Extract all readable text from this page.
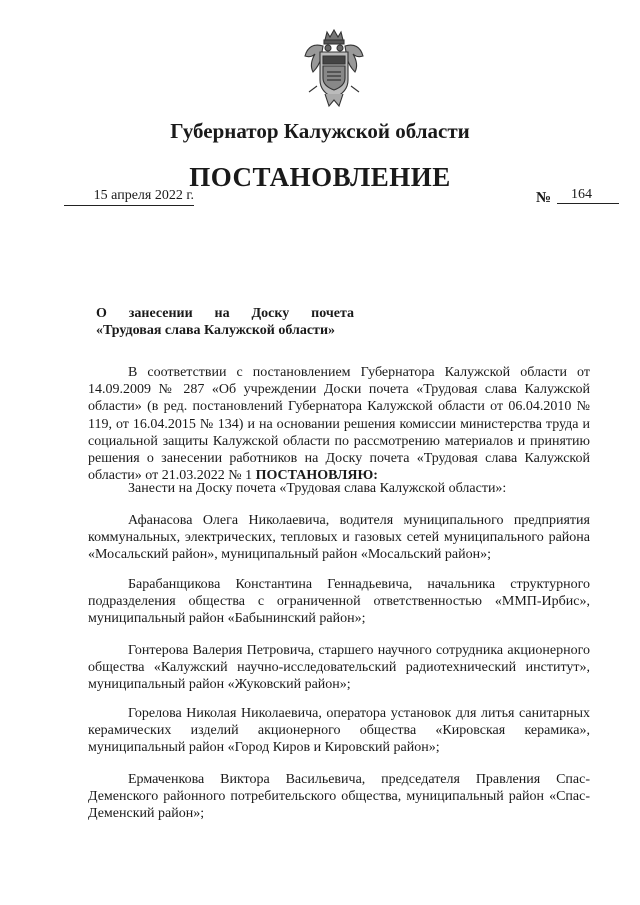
Губернатор Калужской области
ПОСТАНОВЛЕНИЕ
15 апреля 2022 г.	№	164
О занесении на Доску почета
«Трудовая слава Калужской области»

В соответствии с постановлением Губернатора Калужской области от 14.09.2009 № 287 «Об учреждении Доски почета «Трудовая слава Калужской области» (в ред. постановлений Губернатора Калужской области от 06.04.2010 № 119, от 16.04.2015 № 134) и на основании решения комиссии министерства труда и социальной защиты Калужской области по рассмотрению материалов и принятию решения о занесении работников на Доску почета «Трудовая слава Калужской области» от 21.03.2022 № 1 ПОСТАНОВЛЯЮ:

Занести на Доску почета «Трудовая слава Калужской области»:

Афанасова Олега Николаевича, водителя муниципального предприятия коммунальных, электрических, тепловых и газовых сетей муниципального района «Мосальский район», муниципальный район «Мосальский район»;

Барабанщикова Константина Геннадьевича, начальника структурного подразделения общества с ограниченной ответственностью «ММП-Ирбис», муниципальный район «Бабынинский район»;

Гонтерова Валерия Петровича, старшего научного сотрудника акционерного общества «Калужский научно-исследовательский радиотехнический институт», муниципальный район «Жуковский район»;

Горелова Николая Николаевича, оператора установок для литья санитарных керамических изделий акционерного общества «Кировская керамика», муниципальный район «Город Киров и Кировский район»;

Ермаченкова Виктора Васильевича, председателя Правления Спас-Деменского районного потребительского общества, муниципальный район «Спас-Деменский район»;
